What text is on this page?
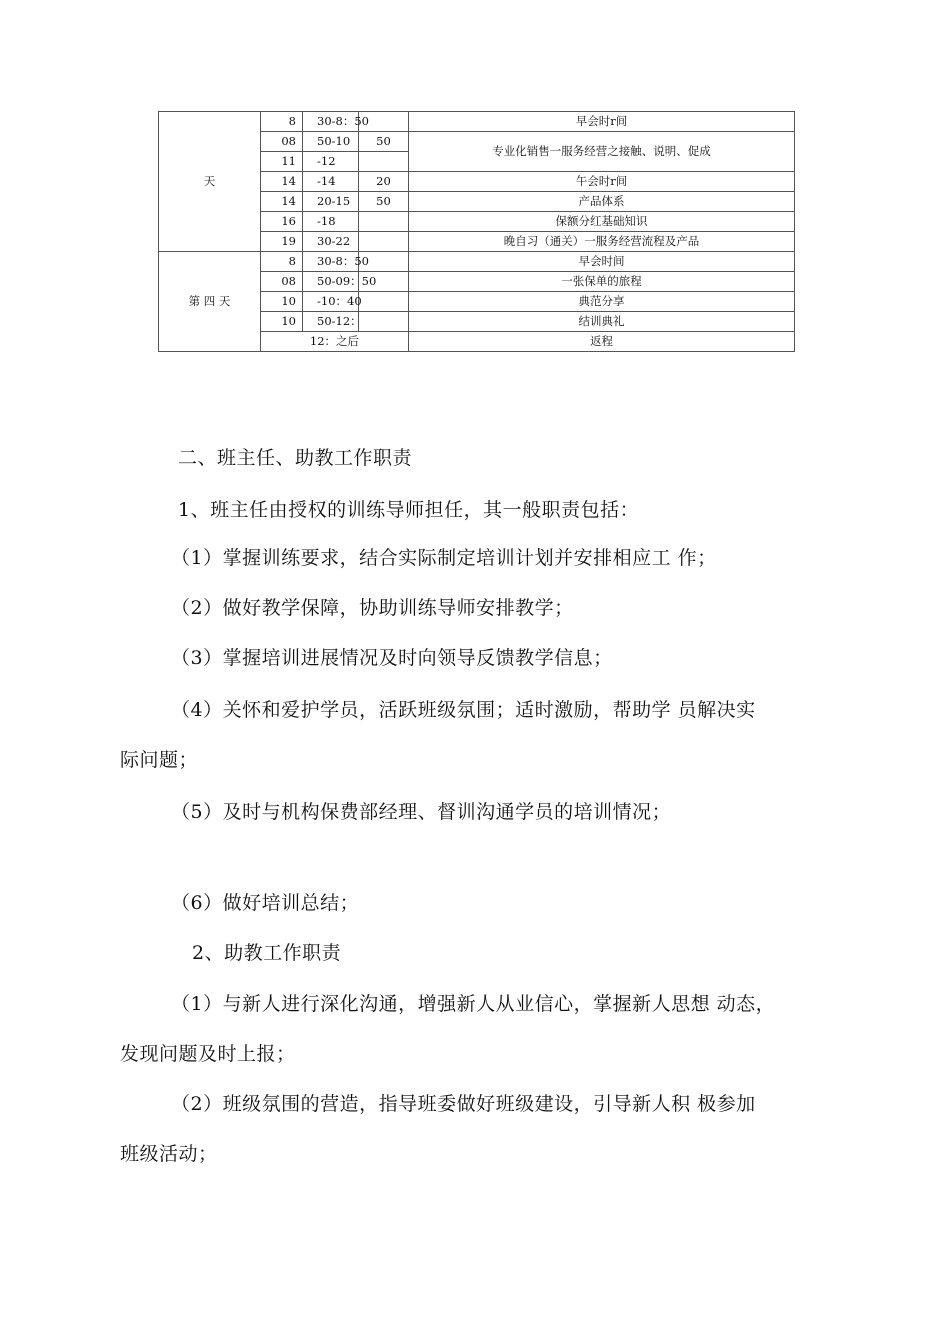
天	8	30-8：50		早会时r间
	08	50-10	50	专业化销售一服务经营之接触、说明、促成
	11	-12		
	14	-14	20	午会时r间
	14	20-15	50	产品体系
	16	-18		保额分红基础知识
	19	30-22		晚自习（通关）一服务经营流程及产品
第 四 天	8	30-8：50		早会时间
	08	50-09：50		一张保单的旅程
	10	-10：40		典范分享
	10	50-12：		结训典礼
	12：之后			返程

二、班主任、助教工作职责

1、班主任由授权的训练导师担任，其一般职责包括：

（1）掌握训练要求，结合实际制定培训计划并安排相应工 作；

（2）做好教学保障，协助训练导师安排教学；

（3）掌握培训进展情况及时向领导反馈教学信息；

（4）关怀和爱护学员，活跃班级氛围；适时激励，帮助学 员解决实

际问题；

（5）及时与机构保费部经理、督训沟通学员的培训情况；

（6）做好培训总结；

2、助教工作职责

（1）与新人进行深化沟通，增强新人从业信心，掌握新人思想 动态，

发现问题及时上报；

（2）班级氛围的营造，指导班委做好班级建设，引导新人积 极参加

班级活动；
